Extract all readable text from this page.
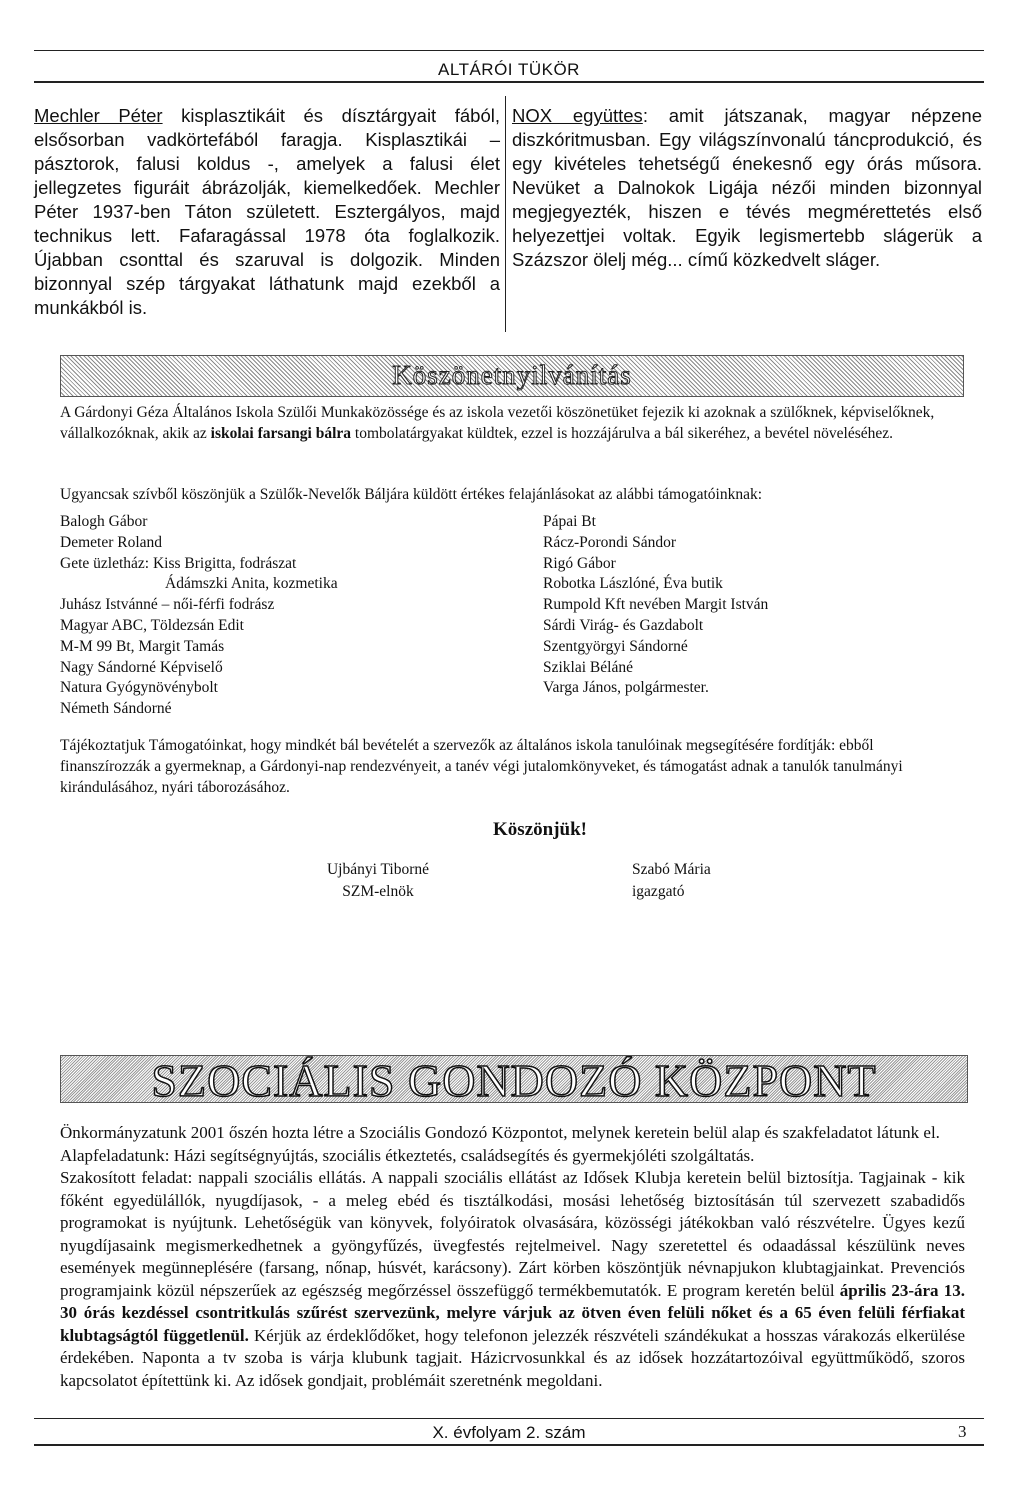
ALTÁRÓI TÜKÖR
Mechler Péter kisplasztikáit és dísztárgyait fából, elsősorban vadkörtefából faragja. Kisplasztikái – pásztorok, falusi koldus -, amelyek a falusi élet jellegzetes figuráit ábrázolják, kiemelkedőek. Mechler Péter 1937-ben Táton született. Esztergályos, majd technikus lett. Fafaragással 1978 óta foglalkozik. Újabban csonttal és szaruval is dolgozik. Minden bizonnyal szép tárgyakat láthatunk majd ezekből a munkákból is.
NOX együttes: amit játszanak, magyar népzene diszkóritmusban. Egy világszínvonalú táncprodukció, és egy kivételes tehetségű énekesnő egy órás műsora. Nevüket a Dalnokok Ligája nézői minden bizonnyal megjegyezték, hiszen e tévés megmérettetés első helyezettjei voltak. Egyik legismertebb slágerük a Százszor ölelj még... című közkedvelt sláger.
Köszönetnyilvánítás
A Gárdonyi Géza Általános Iskola Szülői Munkaközössége és az iskola vezetői köszönetüket fejezik ki azoknak a szülőknek, képviselőknek, vállalkozóknak, akik az iskolai farsangi bálra tombolatárgyakat küldtek, ezzel is hozzájárulva a bál sikeréhez, a bevétel növeléséhez.
Ugyancsak szívből köszönjük a Szülők-Nevelők Báljára küldött értékes felajánlásokat az alábbi támogatóinknak:
Balogh Gábor
Demeter Roland
Gete üzletház: Kiss Brigitta, fodrászat
Ádámszki Anita, kozmetika
Juhász Istvánné – női-férfi fodrász
Magyar ABC, Töldezsán Edit
M-M 99 Bt, Margit Tamás
Nagy Sándorné Képviselő
Natura Gyógynövénybolt
Németh Sándorné
Pápai Bt
Rácz-Porondi Sándor
Rigó Gábor
Robotka Lászlóné, Éva butik
Rumpold Kft nevében Margit István
Sárdi Virág- és Gazdabolt
Szentgyörgyi Sándorné
Sziklai Béláné
Varga János, polgármester.
Tájékoztatjuk Támogatóinkat, hogy mindkét bál bevételét a szervezők az általános iskola tanulóinak megsegítésére fordítják: ebből finanszírozzák a gyermeknap, a Gárdonyi-nap rendezvényeit, a tanév végi jutalomkönyveket, és támogatást adnak a tanulók tanulmányi kirándulásához, nyári táborozásához.
Köszönjük!
Ujbányi Tiborné
SZM-elnök
Szabó Mária
igazgató
SZOCIÁLIS GONDOZÓ KÖZPONT
Önkormányzatunk 2001 őszén hozta létre a Szociális Gondozó Központot, melynek keretein belül alap és szakfeladatot látunk el.
Alapfeladatunk: Házi segítségnyújtás, szociális étkeztetés, családsegítés és gyermekjóléti szolgáltatás.
Szakosított feladat: nappali szociális ellátás. A nappali szociális ellátást az Idősek Klubja keretein belül biztosítja. Tagjainak - kik főként egyedülállók, nyugdíjasok, - a meleg ebéd és tisztálkodási, mosási lehetőség biztosításán túl szervezett szabadidős programokat is nyújtunk. Lehetőségük van könyvek, folyóiratok olvasására, közösségi játékokban való részvételre. Ügyes kezű nyugdíjasaink megismerkedhetnek a gyöngyfűzés, üvegfestés rejtelmeivel. Nagy szeretettel és odaadással készülünk neves események megünneplésére (farsang, nőnap, húsvét, karácsony). Zárt körben köszöntjük névnapjukon klubtagjainkat. Prevenciós programjaink közül népszerűek az egészség megőrzéssel összefüggő termékbemutatók. E program keretén belül április 23-ára 13. 30 órás kezdéssel csontritkulás szűrést szervezünk, melyre várjuk az ötven éven felüli nőket és a 65 éven felüli férfiakat klubtagságtól függetlenül. Kérjük az érdeklődőket, hogy telefonon jelezzék részvételi szándékukat a hosszas várakozás elkerülése érdekében. Naponta a tv szoba is várja klubunk tagjait. Házicrvosunkkal és az idősek hozzátartozóival együttműködő, szoros kapcsolatot építettünk ki. Az idősek gondjait, problémáit szeretnénk megoldani.
X. évfolyam 2. szám	3
